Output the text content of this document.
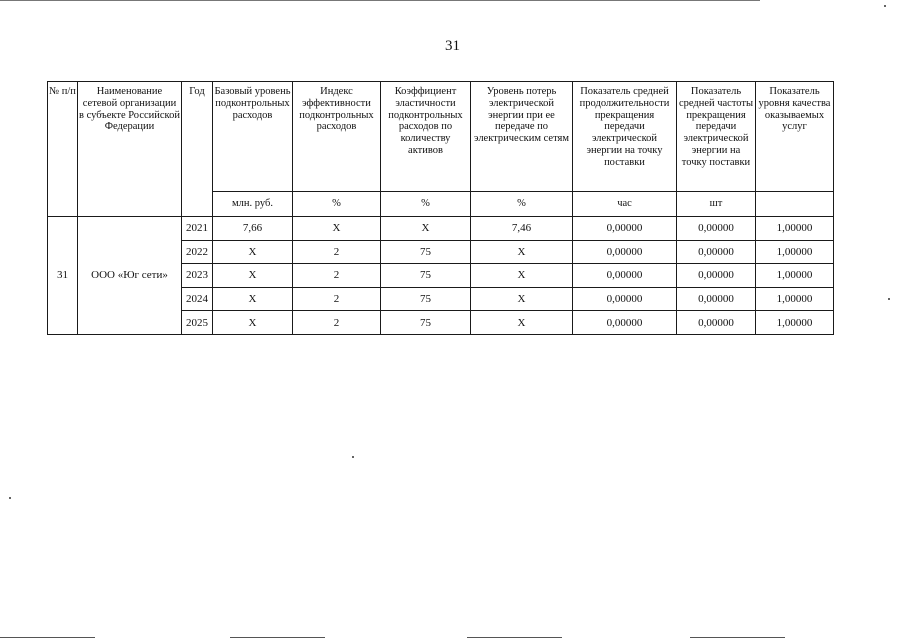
31
№ п/п	Наименование сетевой организации в субъекте Российской Федерации	Год	Базовый уровень подконтрольных расходов	Индекс эффективности подконтрольных расходов	Коэффициент эластичности подконтрольных расходов по количеству активов	Уровень потерь электрической энергии при ее передаче по электрическим сетям	Показатель средней продолжительности прекращения передачи электрической энергии на точку поставки	Показатель средней частоты прекращения передачи электрической энергии на точку поставки	Показатель уровня качества оказываемых услуг
			млн. руб.	%	%	%	час	шт	
31	ООО «Юг сети»	2021	7,66	X	X	7,46	0,00000	0,00000	1,00000
		2022	X	2	75	X	0,00000	0,00000	1,00000
		2023	X	2	75	X	0,00000	0,00000	1,00000
		2024	X	2	75	X	0,00000	0,00000	1,00000
		2025	X	2	75	X	0,00000	0,00000	1,00000
